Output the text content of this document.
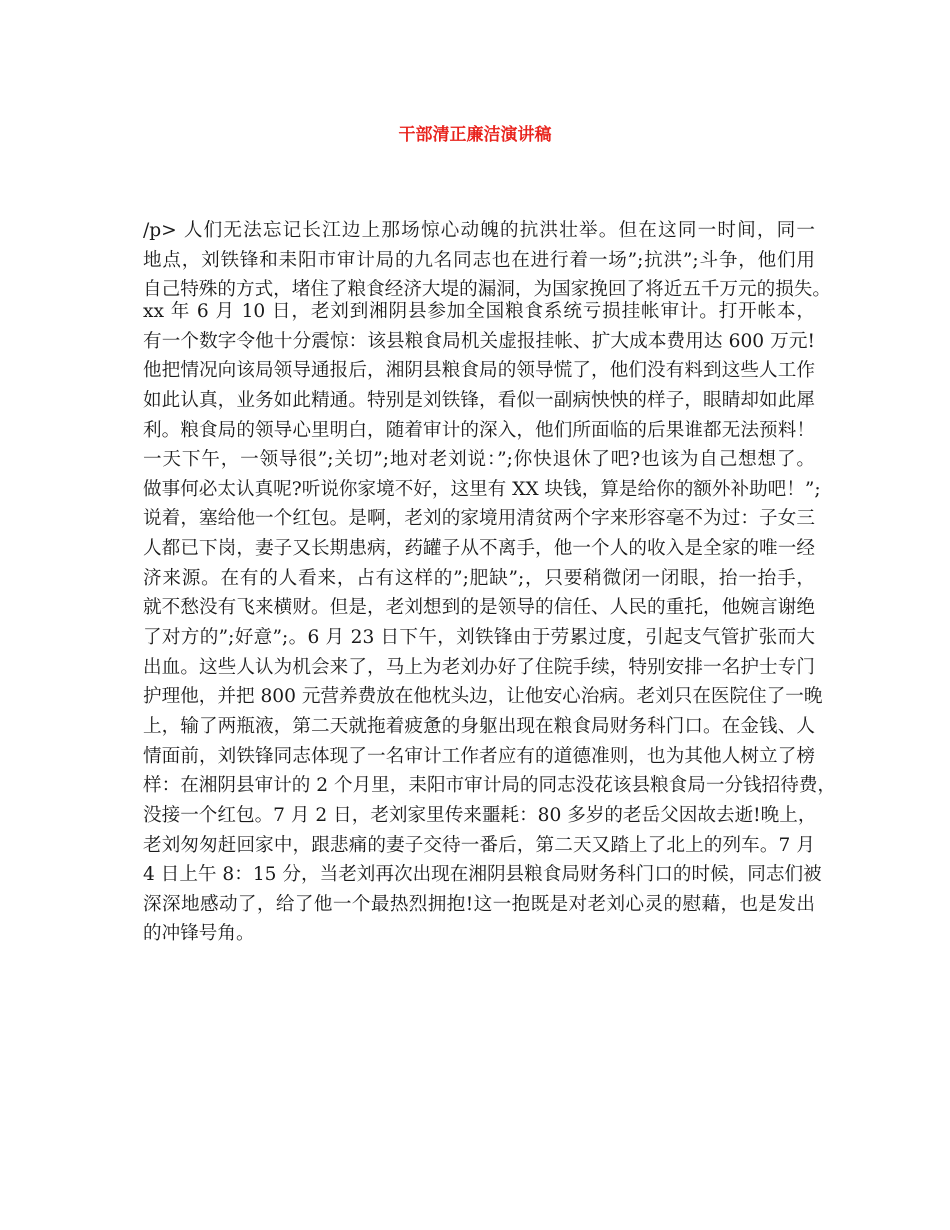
干部清正廉洁演讲稿
/p> 人们无法忘记长江边上那场惊心动魄的抗洪壮举。但在这同一时间，同一
地点，刘铁锋和耒阳市审计局的九名同志也在进行着一场”;抗洪”;斗争，他们用
自己特殊的方式，堵住了粮食经济大堤的漏洞，为国家挽回了将近五千万元的损失。
xx 年 6 月 10 日，老刘到湘阴县参加全国粮食系统亏损挂帐审计。打开帐本，
有一个数字令他十分震惊：该县粮食局机关虚报挂帐、扩大成本费用达 600 万元!
他把情况向该局领导通报后，湘阴县粮食局的领导慌了，他们没有料到这些人工作
如此认真，业务如此精通。特别是刘铁锋，看似一副病怏怏的样子，眼睛却如此犀
利。粮食局的领导心里明白，随着审计的深入，他们所面临的后果谁都无法预料！
一天下午，一领导很”;关切”;地对老刘说：”;你快退休了吧?也该为自己想想了。
做事何必太认真呢?听说你家境不好，这里有 XX 块钱，算是给你的额外补助吧！”;
说着，塞给他一个红包。是啊，老刘的家境用清贫两个字来形容毫不为过：子女三
人都已下岗，妻子又长期患病，药罐子从不离手，他一个人的收入是全家的唯一经
济来源。在有的人看来，占有这样的”;肥缺”;，只要稍微闭一闭眼，抬一抬手，
就不愁没有飞来横财。但是，老刘想到的是领导的信任、人民的重托，他婉言谢绝
了对方的”;好意”;。6 月 23 日下午，刘铁锋由于劳累过度，引起支气管扩张而大
出血。这些人认为机会来了，马上为老刘办好了住院手续，特别安排一名护士专门
护理他，并把 800 元营养费放在他枕头边，让他安心治病。老刘只在医院住了一晚
上，输了两瓶液，第二天就拖着疲惫的身躯出现在粮食局财务科门口。在金钱、人
情面前，刘铁锋同志体现了一名审计工作者应有的道德准则，也为其他人树立了榜
样：在湘阴县审计的 2 个月里，耒阳市审计局的同志没花该县粮食局一分钱招待费，
没接一个红包。7 月 2 日，老刘家里传来噩耗：80 多岁的老岳父因故去逝!晚上，
老刘匆匆赶回家中，跟悲痛的妻子交待一番后，第二天又踏上了北上的列车。7 月
4 日上午 8：15 分，当老刘再次出现在湘阴县粮食局财务科门口的时候，同志们被
深深地感动了，给了他一个最热烈拥抱!这一抱既是对老刘心灵的慰藉，也是发出
的冲锋号角。
